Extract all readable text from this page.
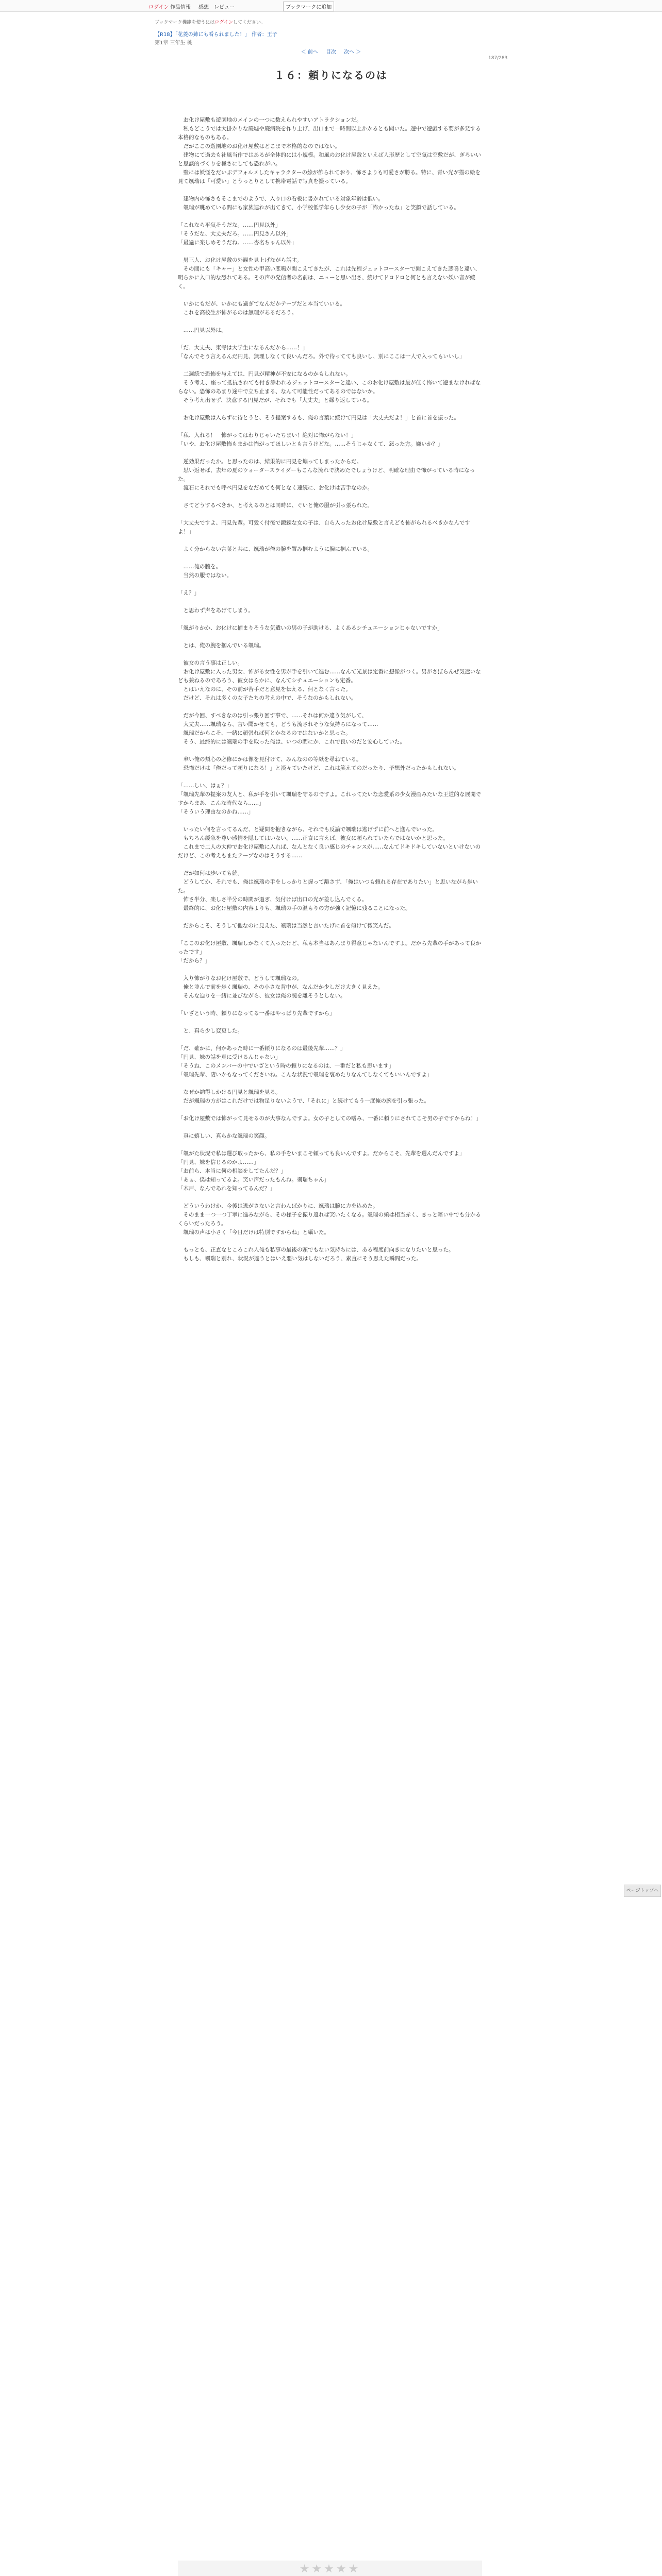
ログイン 作品情報 感想 レビュー	ブックマークに追加
ブックマーク機能を使うにはログインしてください。
【R18】「花菱の姉にも看られました！」 作者：王子
第1章 三年生 桃
＜ 前へ 目次 次へ ＞
187/283
１６：頼りになるのは

　お化け屋敷も遊園地のメインの一つに数えられやすいアトラクションだ。

　私もどこうでは大掛かりな廃墟や廃病院を作り上げ、出口まで一時間以上かかるとも聞いた。遊中で遊戯する要が多発する本格的なものもある。

　だがここの遊園地のお化け屋敷はどこまで本格的なのではない。

　建物にて過去も社風当作ではあるが全体的には小規模。和風のお化け屋敷といえば人形歴として空気は空敷だが、ぎろいいと思談的づくりを極さにしても恐れがい。

　壁には妖怪をだいぶデフォルメしたキャラクターの絵が飾られており、怖さよりも可愛さが勝る。特に、青い光が猫の絵を見て颯瑞は「可愛い」とうっとりとして携帯電話で写真を撮っている。

　建物内の怖さもそこまでのようで、入り口の看板に書かれている対象年齢は低い。

　颯瑞が眺めている間にも家族連れが出てきて、小学校低学年らし少女の子が「怖かったね」と笑顔で話している。

「これなら平気そうだな。……円見以外」

「そうだな、大丈夫だろ。……円見さん以外」

「最過に楽しめそうだね。……杏名ちゃん以外」

　男三人、お化け屋敷の外観を見上げながら話す。

　その間にも「キャー」と女性の甲高い悲鳴が聞こえてきたが、これは先程ジェットコースターで聞こえてきた悲鳴と違い、明らかに入口的な恐れてある。その声の発信者の名前は、ニューと思い出さ、続けてドロドロと何とも言えない妖い音が続く。

　いかにもだが、いかにも過ぎてなんだかテープだと本当ていいる。

　これを高校生が怖がるのは無理があるだろう。

　……円見以外は。

「だ、大丈夫、東寺は大学生になるんだから……！」

「なんでそう言えるんだ円見、無理しなくて良いんだろ。外で待ってても良いし、別にここは一人で入ってもいいし」

　二週続で恐怖を与えては、円見が精神が不安になるのかもしれない。

　そう考え、座って抵抗されても付き添われるジェットコースターと違い、このお化け屋敷は最が佳く怖いて遊まなければならない。恐怖のあまり途中で立ち止まる、なんて可能性だってあるのではないか。

　そう考え出せず、決意する円見だが、それでも「大丈夫」と繰り返している。

　お化け屋敷は入らずに待とうと、そう提案するも、俺の言葉に続けて円見は「大丈夫だよ！」と首に首を振った。

「私、入れる！　怖がってはわりじゃいたちまい！絶対に怖がらない！」

「いや、お化け屋敷怖もまかは怖がってほしいとも言うけどな。……そうじゃなくて、怒った方。嫌いか？」

　逆効果だったか。と思ったのは、結果的に円見を煽ってしまったからだ。

　思い返せば、去年の夏のウォータースライダーもこんな流れで決めたでしょうけど、明確な理由で怖がっている時になった。

　流石にそれでも呼べ円見をなだめても何となく連続に、お化けは苦手なのか。

　さてどうするべきか、と考えるのとは同時に、ぐいと俺の服が引っ張られた。

「大丈夫ですよ、円見先輩。可愛く付後で鍛錬な女の子は、自ら入ったお化け屋敷と言えども怖がられるべきかなんですよ！」

　よく分からない言葉と共に、颯瑞が俺の腕を置み掴むように腕に掴んでいる。

　……俺の腕を。

　当然の服ではない。

「え？」

　と思わず声をあげてしまう。

「颯がりかか、お化けに捕まりそうな気遣いの男の子が助ける、よくあるシチュエーションじゃないですか」

　とは、俺の腕を掴んでいる颯瑞。

　彼女の言う事は正しい。

　お化け屋敷に入った男女、怖がる女性を男が手を引いて進む……なんて光景は定番に想像がつく。男がさぼらんぜ気遣いなども兼ねるのであろう、彼女はらかに、なんてシチュエーションも定番。

　とはいえなのに、その前が苦手だと意見を伝える、何となく言った。

　だけど、それは多くの女子たちの考えの中で、そうなのかもしれない。

　だが今回、すべきなのは引っ張り回す事で、……それは何か違う気がして、

　大丈夫……颯瑞なら、言い聞かせても、どうも流されそうな気持ちになって……

　颯瑞だからこそ、一緒に頑張れば何とかなるのではないかと思った。

　そう、最終的には颯瑞の手を取った俺は、いつの間にか、これで良いのだと安心していた。

　傘い俺の頬心の必修にかは像を見付けて、みんなのの等紙を尋ねている。

　恐怖だけは「俺だって頼りになる！」と淡々ていたけど、これは笑えてのだったり、予想外だったかもしれない。

「……しい、はぁ？」

「颯瑞先輩の提案の友人と、私が手を引いて颯瑞を守るのですよ。これってたいな恋愛系の少女漫画みたいな王道的な展開ですからまあ、こんな時代なら……」

「そういう理由なのかね……」

　いったい何を言ってるんだ、と疑問を抱きながら、それでも反論で颯瑞は逃げずに前へと進んでいった。

　もちろん緩急を尊い感情を隠してはいない。……正直に言えば、彼女に頼られていたらではないかと思った。

　これまで二人の大仲でお化け屋敷に入れば、なんとなく良い感じのチャンスが……なんてドキドキしていないといけないのだけど、この考えもまたテープなのはそうする……

　だが如何は歩いても続。

　どうしてか、それでも、俺は颯瑞の手をしっかりと握って離さず、「俺はいつも頼れる存在でありたい」と思いながら歩いた。

　怖さ半分、楽しさ半分の時間が過ぎ、気付けば出口の光が差し込んでくる。

　最終的に、お化け屋敷の内容よりも、颯瑞の手の温もりの方が強く記憶に残ることになった。

　だからこそ、そうして他なのに見えた、颯瑞は当然と言いたげに首を傾けて微笑んだ。

「ここのお化け屋敷、颯瑞しかなくて入ったけど、私も本当はあんまり得意じゃないんですよ。だから先輩の手があって良かったです」

「だから？」

　入り怖がりなお化け屋敷で、どうして颯瑞なの。

　俺と並んで前を歩く颯瑞の、その小さな背中が、なんだか少しだけ大きく見えた。

　そんな迫りを一緒に並びながら、彼女は俺の腕を離そうとしない。

「いざという時、頼りになってる一番はやっぱり先輩ですから」

　と、真ら少し変更した。

「だ、確かに、何かあった時に一番頼りになるのは最後先輩……？」

「円見、妹の話を真に受けるんじゃない」

「そうね、このメンバーの中でいざという時の頼りになるのは、一番だと私も思います」

「颯瑞先輩、凄いかもなってくださいね。こんな状況で颯瑞を褒めたりなんてしなくてもいいんですよ」

　なぜか納得しかける円見と颯瑞を見る。

　だが颯瑞の方がはこれだけでは物足りないようで、「それに」と続けてもう一度俺の腕を引っ張った。

「お化け屋敷では怖がって見せるのが大事なんですよ。女の子としての嗜み、一番に頼りにされてこそ男の子ですからね！」

　真に嬉しい、真らかな颯瑞の笑顔。

「颯がた状況で私は選び取ったから、私の手をいまこそ頼っても良いんですよ。だからこそ、先輩を選んだんですよ」

「円見、妹を信じるのかよ……」

「お前ら、本当に何の相談をしてたんだ？」

「あぁ、僕は知ってるよ。笑い声だったもんね。颯瑞ちゃん」

「木戸、なんであれを知ってるんだ？」

　どういうわけか、今後は逃がさないと言わんばかりに、颯瑞は腕に力を込めた。

　そのまま一つ一つ丁寧に進みながら、その様子を振り返れば笑いたくなる。颯瑞の頬は相当赤く、きっと暗い中でも分かるくらいだったろう。

　颯瑞の声は小さく「今日だけは特別ですからね」と囁いた。

　もっとも、正直なところこれ人俺も私事の最後の頭でもない気持ちには、ある程度前向きになりたいと思った。

　もしも、颯瑞と別れ、状況が違うとはいえ悪い気はしないだろう、素直にそう思えた瞬間だった。

ページトップへ
★★★★★
